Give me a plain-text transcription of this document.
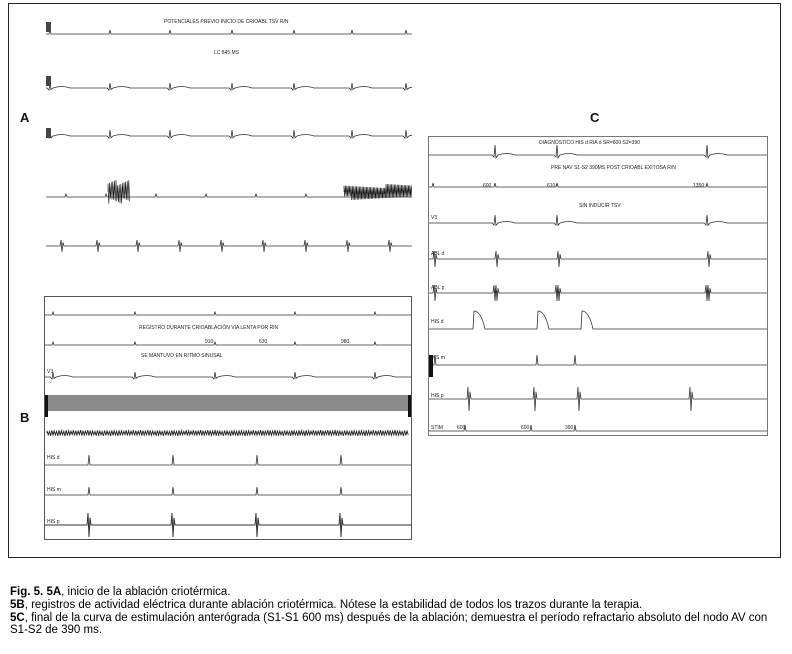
A
POTENCIALES PREVIO INICIO DE CRIOABL TSV R/N
LC 845 MS
B
REGISTRO DURANTE CRIOABLACIÓN VÍA LENTA POR RIN
910	630	980
SE MANTUVO EN RITMO SINUSAL
V3
HIS d
HIS m
HIS p
C
DIAGNÓSTICO HIS d RIA d SR=600 S2=390
600	610	1350
PRE NAV S1-S2 390MS POST CRIOABL EXITOSA R/N
SIN INDUCIR TSV
V3
ABL d
ABL p
HIS d
HIS m
HIS p
STIM	600	600	390
Fig. 5. 5A, inicio de la ablación criotérmica.
5B, registros de actividad eléctrica durante ablación criotérmica. Nótese la estabilidad de todos los trazos durante la terapia.
5C, final de la curva de estimulación anterógrada (S1-S1 600 ms) después de la ablación; demuestra el período refractario absoluto del nodo AV con S1-S2 de 390 ms.
